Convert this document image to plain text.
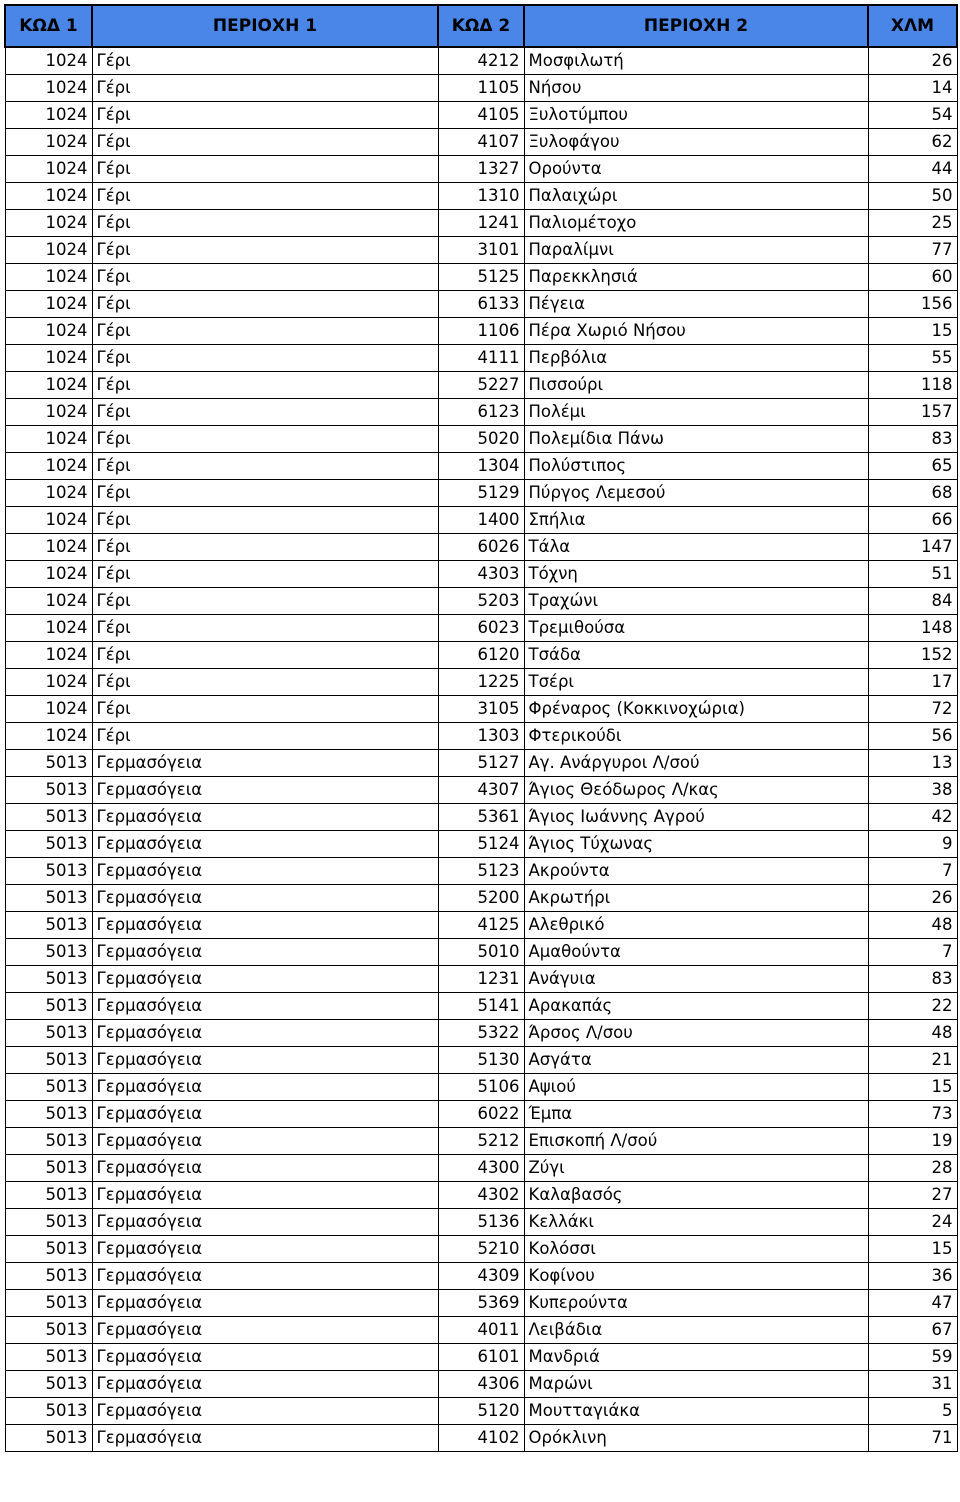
ΚΩΔ 1	ΠΕΡΙΟΧΗ 1	ΚΩΔ 2	ΠΕΡΙΟΧΗ 2	ΧΛΜ
1024	Γέρι	4212	Μοσφιλωτή	26
1024	Γέρι	1105	Νήσου	14
1024	Γέρι	4105	Ξυλοτύμπου	54
1024	Γέρι	4107	Ξυλοφάγου	62
1024	Γέρι	1327	Ορούντα	44
1024	Γέρι	1310	Παλαιχώρι	50
1024	Γέρι	1241	Παλιομέτοχο	25
1024	Γέρι	3101	Παραλίμνι	77
1024	Γέρι	5125	Παρεκκλησιά	60
1024	Γέρι	6133	Πέγεια	156
1024	Γέρι	1106	Πέρα Χωριό Νήσου	15
1024	Γέρι	4111	Περβόλια	55
1024	Γέρι	5227	Πισσούρι	118
1024	Γέρι	6123	Πολέμι	157
1024	Γέρι	5020	Πολεμίδια Πάνω	83
1024	Γέρι	1304	Πολύστιπος	65
1024	Γέρι	5129	Πύργος Λεμεσού	68
1024	Γέρι	1400	Σπήλια	66
1024	Γέρι	6026	Τάλα	147
1024	Γέρι	4303	Τόχνη	51
1024	Γέρι	5203	Τραχώνι	84
1024	Γέρι	6023	Τρεμιθούσα	148
1024	Γέρι	6120	Τσάδα	152
1024	Γέρι	1225	Τσέρι	17
1024	Γέρι	3105	Φρέναρος (Κοκκινοχώρια)	72
1024	Γέρι	1303	Φτερικούδι	56
5013	Γερμασόγεια	5127	Αγ. Ανάργυροι Λ/σού	13
5013	Γερμασόγεια	4307	Άγιος Θεόδωρος Λ/κας	38
5013	Γερμασόγεια	5361	Άγιος Ιωάννης Αγρού	42
5013	Γερμασόγεια	5124	Άγιος Τύχωνας	9
5013	Γερμασόγεια	5123	Ακρούντα	7
5013	Γερμασόγεια	5200	Ακρωτήρι	26
5013	Γερμασόγεια	4125	Αλεθρικό	48
5013	Γερμασόγεια	5010	Αμαθούντα	7
5013	Γερμασόγεια	1231	Ανάγυια	83
5013	Γερμασόγεια	5141	Αρακαπάς	22
5013	Γερμασόγεια	5322	Άρσος Λ/σου	48
5013	Γερμασόγεια	5130	Ασγάτα	21
5013	Γερμασόγεια	5106	Αψιού	15
5013	Γερμασόγεια	6022	Έμπα	73
5013	Γερμασόγεια	5212	Επισκοπή Λ/σού	19
5013	Γερμασόγεια	4300	Ζύγι	28
5013	Γερμασόγεια	4302	Καλαβασός	27
5013	Γερμασόγεια	5136	Κελλάκι	24
5013	Γερμασόγεια	5210	Κολόσσι	15
5013	Γερμασόγεια	4309	Κοφίνου	36
5013	Γερμασόγεια	5369	Κυπερούντα	47
5013	Γερμασόγεια	4011	Λειβάδια	67
5013	Γερμασόγεια	6101	Μανδριά	59
5013	Γερμασόγεια	4306	Μαρώνι	31
5013	Γερμασόγεια	5120	Μουτταγιάκα	5
5013	Γερμασόγεια	4102	Ορόκλινη	71
